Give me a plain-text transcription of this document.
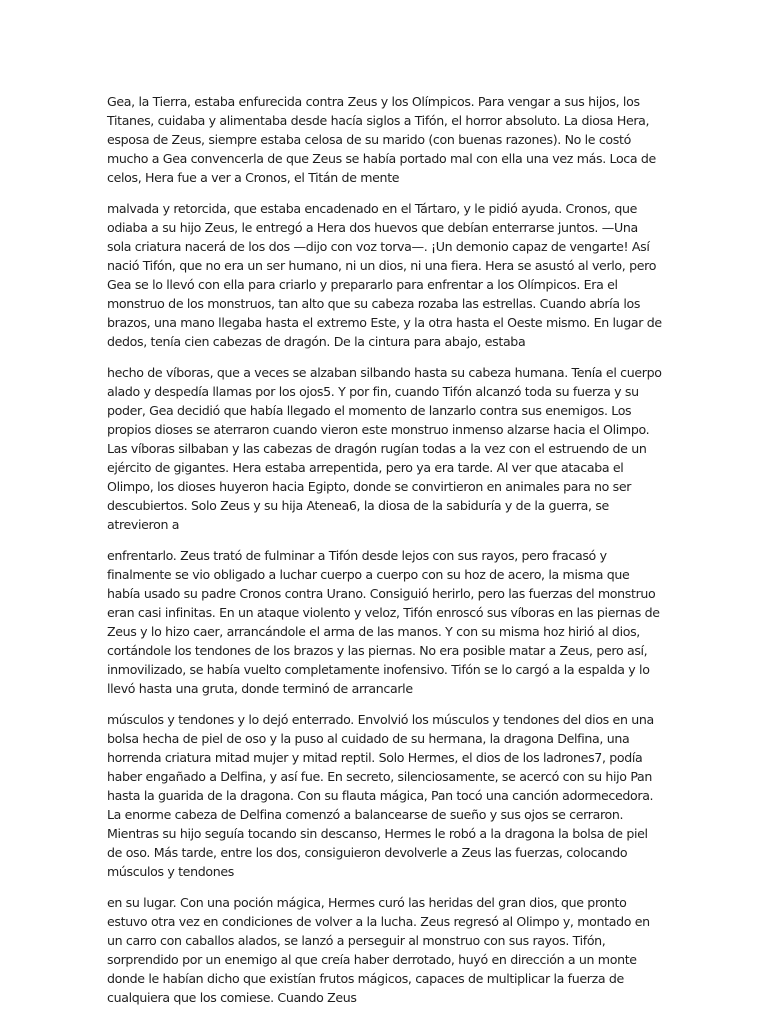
Gea, la Tierra, estaba enfurecida contra Zeus y los Olímpicos. Para vengar a sus hijos, los Titanes, cuidaba y alimentaba desde hacía siglos a Tifón, el horror absoluto. La diosa Hera, esposa de Zeus, siempre estaba celosa de su marido (con buenas razones). No le costó mucho a Gea convencerla de que Zeus se había portado mal con ella una vez más. Loca de celos, Hera fue a ver a Cronos, el Titán de mente

malvada y retorcida, que estaba encadenado en el Tártaro, y le pidió ayuda. Cronos, que odiaba a su hijo Zeus, le entregó a Hera dos huevos que debían enterrarse juntos. —Una sola criatura nacerá de los dos —dijo con voz torva—. ¡Un demonio capaz de vengarte! Así nació Tifón, que no era un ser humano, ni un dios, ni una fiera. Hera se asustó al verlo, pero Gea se lo llevó con ella para criarlo y prepararlo para enfrentar a los Olímpicos. Era el monstruo de los monstruos, tan alto que su cabeza rozaba las estrellas. Cuando abría los brazos, una mano llegaba hasta el extremo Este, y la otra hasta el Oeste mismo. En lugar de dedos, tenía cien cabezas de dragón. De la cintura para abajo, estaba

hecho de víboras, que a veces se alzaban silbando hasta su cabeza humana. Tenía el cuerpo alado y despedía llamas por los ojos5. Y por fin, cuando Tifón alcanzó toda su fuerza y su poder, Gea decidió que había llegado el momento de lanzarlo contra sus enemigos. Los propios dioses se aterraron cuando vieron este monstruo inmenso alzarse hacia el Olimpo. Las víboras silbaban y las cabezas de dragón rugían todas a la vez con el estruendo de un ejército de gigantes. Hera estaba arrepentida, pero ya era tarde. Al ver que atacaba el Olimpo, los dioses huyeron hacia Egipto, donde se convirtieron en animales para no ser descubiertos. Solo Zeus y su hija Atenea6, la diosa de la sabiduría y de la guerra, se atrevieron a

enfrentarlo. Zeus trató de fulminar a Tifón desde lejos con sus rayos, pero fracasó y finalmente se vio obligado a luchar cuerpo a cuerpo con su hoz de acero, la misma que había usado su padre Cronos contra Urano. Consiguió herirlo, pero las fuerzas del monstruo eran casi infinitas. En un ataque violento y veloz, Tifón enroscó sus víboras en las piernas de Zeus y lo hizo caer, arrancándole el arma de las manos. Y con su misma hoz hirió al dios, cortándole los tendones de los brazos y las piernas. No era posible matar a Zeus, pero así, inmovilizado, se había vuelto completamente inofensivo. Tifón se lo cargó a la espalda y lo llevó hasta una gruta, donde terminó de arrancarle

músculos y tendones y lo dejó enterrado. Envolvió los músculos y tendones del dios en una bolsa hecha de piel de oso y la puso al cuidado de su hermana, la dragona Delfina, una horrenda criatura mitad mujer y mitad reptil. Solo Hermes, el dios de los ladrones7, podía haber engañado a Delfina, y así fue. En secreto, silenciosamente, se acercó con su hijo Pan hasta la guarida de la dragona. Con su flauta mágica, Pan tocó una canción adormecedora. La enorme cabeza de Delfina comenzó a balancearse de sueño y sus ojos se cerraron. Mientras su hijo seguía tocando sin descanso, Hermes le robó a la dragona la bolsa de piel de oso. Más tarde, entre los dos, consiguieron devolverle a Zeus las fuerzas, colocando músculos y tendones

en su lugar. Con una poción mágica, Hermes curó las heridas del gran dios, que pronto estuvo otra vez en condiciones de volver a la lucha. Zeus regresó al Olimpo y, montado en un carro con caballos alados, se lanzó a perseguir al monstruo con sus rayos. Tifón, sorprendido por un enemigo al que creía haber derrotado, huyó en dirección a un monte donde le habían dicho que existían frutos mágicos, capaces de multiplicar la fuerza de cualquiera que los comiese. Cuando Zeus
